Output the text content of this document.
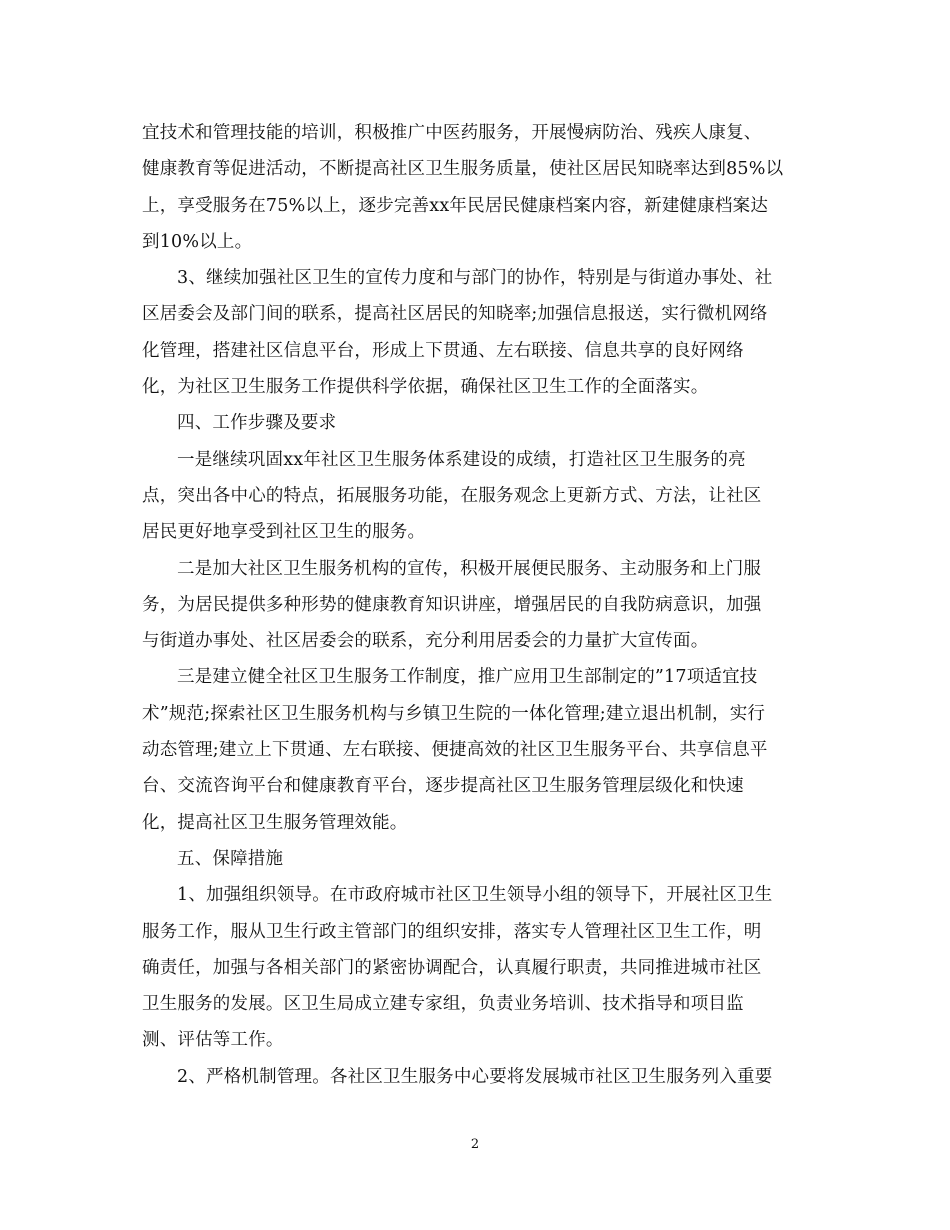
宜技术和管理技能的培训，积极推广中医药服务，开展慢病防治、残疾人康复、
健康教育等促进活动，不断提高社区卫生服务质量，使社区居民知晓率达到85%以
上，享受服务在75%以上，逐步完善xx年民居民健康档案内容，新建健康档案达
到10%以上。
3、继续加强社区卫生的宣传力度和与部门的协作，特别是与街道办事处、社
区居委会及部门间的联系，提高社区居民的知晓率;加强信息报送，实行微机网络
化管理，搭建社区信息平台，形成上下贯通、左右联接、信息共享的良好网络
化，为社区卫生服务工作提供科学依据，确保社区卫生工作的全面落实。
四、工作步骤及要求
一是继续巩固xx年社区卫生服务体系建设的成绩，打造社区卫生服务的亮
点，突出各中心的特点，拓展服务功能，在服务观念上更新方式、方法，让社区
居民更好地享受到社区卫生的服务。
二是加大社区卫生服务机构的宣传，积极开展便民服务、主动服务和上门服
务，为居民提供多种形势的健康教育知识讲座，增强居民的自我防病意识，加强
与街道办事处、社区居委会的联系，充分利用居委会的力量扩大宣传面。
三是建立健全社区卫生服务工作制度，推广应用卫生部制定的”17项适宜技
术”规范;探索社区卫生服务机构与乡镇卫生院的一体化管理;建立退出机制，实行
动态管理;建立上下贯通、左右联接、便捷高效的社区卫生服务平台、共享信息平
台、交流咨询平台和健康教育平台，逐步提高社区卫生服务管理层级化和快速
化，提高社区卫生服务管理效能。
五、保障措施
1、加强组织领导。在市政府城市社区卫生领导小组的领导下，开展社区卫生
服务工作，服从卫生行政主管部门的组织安排，落实专人管理社区卫生工作，明
确责任，加强与各相关部门的紧密协调配合，认真履行职责，共同推进城市社区
卫生服务的发展。区卫生局成立建专家组，负责业务培训、技术指导和项目监
测、评估等工作。
2、严格机制管理。各社区卫生服务中心要将发展城市社区卫生服务列入重要
2
